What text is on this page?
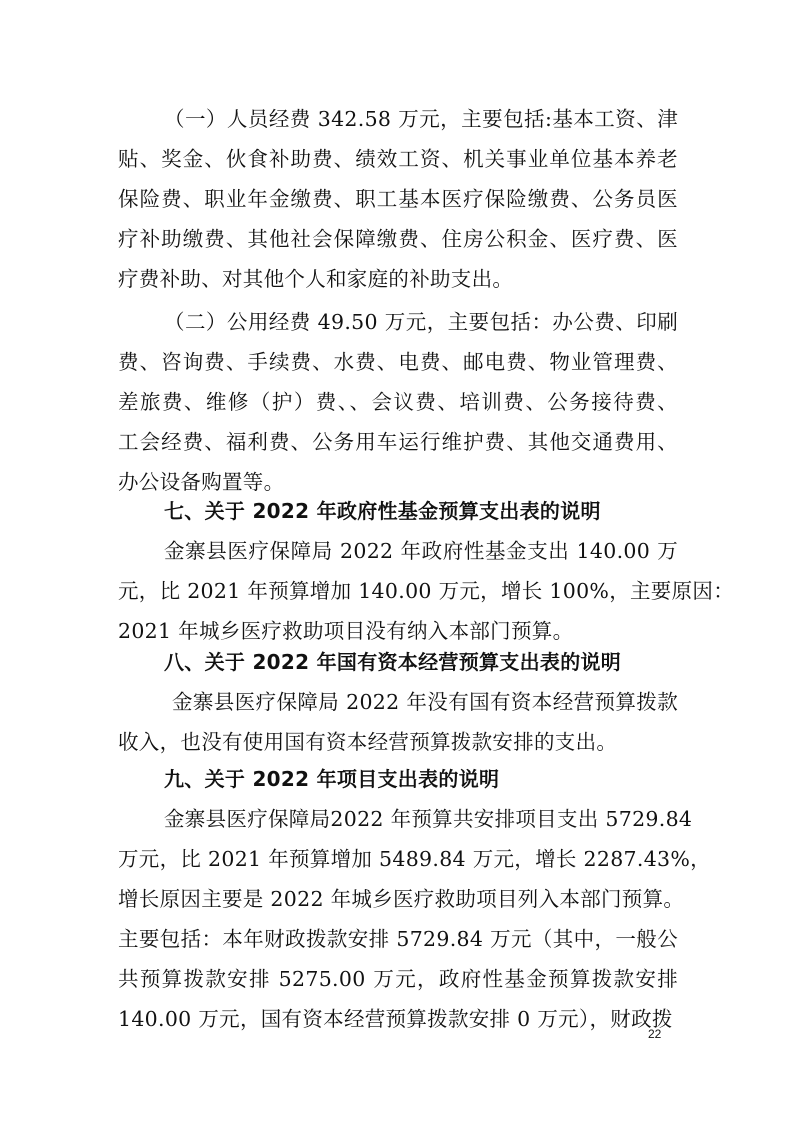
（一）人员经费 342.58 万元，主要包括:基本工资、津
贴、奖金、伙食补助费、绩效工资、机关事业单位基本养老
保险费、职业年金缴费、职工基本医疗保险缴费、公务员医
疗补助缴费、其他社会保障缴费、住房公积金、医疗费、医
疗费补助、对其他个人和家庭的补助支出。
（二）公用经费 49.50 万元，主要包括：办公费、印刷
费、咨询费、手续费、水费、电费、邮电费、物业管理费、
差旅费、维修（护）费、、会议费、培训费、公务接待费、
工会经费、福利费、公务用车运行维护费、其他交通费用、
办公设备购置等。
七、关于 2022 年政府性基金预算支出表的说明
金寨县医疗保障局 2022 年政府性基金支出 140.00 万
元，比 2021 年预算增加 140.00 万元，增长 100%，主要原因：
2021 年城乡医疗救助项目没有纳入本部门预算。
八、关于 2022 年国有资本经营预算支出表的说明
金寨县医疗保障局 2022 年没有国有资本经营预算拨款
收入，也没有使用国有资本经营预算拨款安排的支出。
九、关于 2022 年项目支出表的说明
金寨县医疗保障局2022 年预算共安排项目支出 5729.84
万元，比 2021 年预算增加 5489.84 万元，增长 2287.43%，
增长原因主要是 2022 年城乡医疗救助项目列入本部门预算。
主要包括：本年财政拨款安排 5729.84 万元（其中，一般公
共预算拨款安排 5275.00 万元，政府性基金预算拨款安排
140.00 万元，国有资本经营预算拨款安排 0 万元），财政拨
22
